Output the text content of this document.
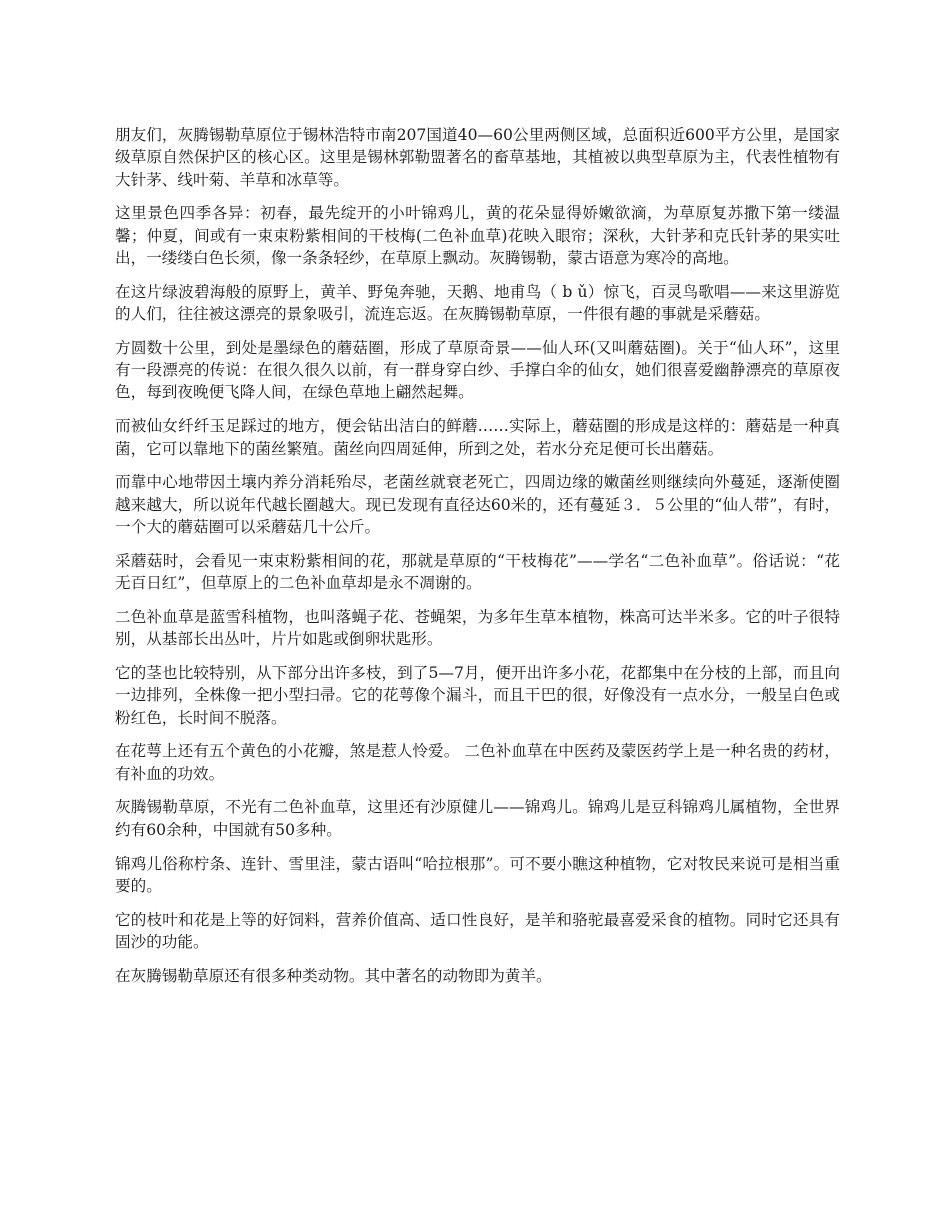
朋友们，灰腾锡勒草原位于锡林浩特市南207国道40—60公里两侧区域，总面积近600平方公里，是国家级草原自然保护区的核心区。这里是锡林郭勒盟著名的畜草基地，其植被以典型草原为主，代表性植物有大针茅、线叶菊、羊草和冰草等。

这里景色四季各异：初春，最先绽开的小叶锦鸡儿，黄的花朵显得娇嫩欲滴，为草原复苏撒下第一缕温馨；仲夏，间或有一束束粉紫相间的干枝梅(二色补血草)花映入眼帘；深秋，大针茅和克氏针茅的果实吐出，一缕缕白色长须，像一条条轻纱，在草原上飘动。灰腾锡勒，蒙古语意为寒冷的高地。

在这片绿波碧海般的原野上，黄羊、野兔奔驰，天鹅、地甫鸟（ b ǔ）惊飞，百灵鸟歌唱——来这里游览的人们，往往被这漂亮的景象吸引，流连忘返。在灰腾锡勒草原，一件很有趣的事就是采蘑菇。

方圆数十公里，到处是墨绿色的蘑菇圈，形成了草原奇景——仙人环(又叫蘑菇圈)。关于“仙人环”，这里有一段漂亮的传说：在很久很久以前，有一群身穿白纱、手撑白伞的仙女，她们很喜爱幽静漂亮的草原夜色，每到夜晚便飞降人间，在绿色草地上翩然起舞。

而被仙女纤纤玉足踩过的地方，便会钻出洁白的鲜蘑……实际上，蘑菇圈的形成是这样的：蘑菇是一种真菌，它可以靠地下的菌丝繁殖。菌丝向四周延伸，所到之处，若水分充足便可长出蘑菇。

而靠中心地带因土壤内养分消耗殆尽，老菌丝就衰老死亡，四周边缘的嫩菌丝则继续向外蔓延，逐渐使圈越来越大，所以说年代越长圈越大。现已发现有直径达60米的，还有蔓延３．５公里的“仙人带”，有时，一个大的蘑菇圈可以采蘑菇几十公斤。

采蘑菇时，会看见一束束粉紫相间的花，那就是草原的“干枝梅花”——学名“二色补血草”。俗话说：“花无百日红”，但草原上的二色补血草却是永不凋谢的。

二色补血草是蓝雪科植物，也叫落蝇子花、苍蝇架，为多年生草本植物，株高可达半米多。它的叶子很特别，从基部长出丛叶，片片如匙或倒卵状匙形。

它的茎也比较特别，从下部分出许多枝，到了5—7月，便开出许多小花，花都集中在分枝的上部，而且向一边排列，全株像一把小型扫帚。它的花萼像个漏斗，而且干巴的很，好像没有一点水分，一般呈白色或粉红色，长时间不脱落。

在花萼上还有五个黄色的小花瓣，煞是惹人怜爱。 二色补血草在中医药及蒙医药学上是一种名贵的药材，有补血的功效。

灰腾锡勒草原，不光有二色补血草，这里还有沙原健儿——锦鸡儿。锦鸡儿是豆科锦鸡儿属植物，全世界约有60余种，中国就有50多种。

锦鸡儿俗称柠条、连针、雪里洼，蒙古语叫“哈拉根那”。可不要小瞧这种植物，它对牧民来说可是相当重要的。

它的枝叶和花是上等的好饲料，营养价值高、适口性良好，是羊和骆驼最喜爱采食的植物。同时它还具有固沙的功能。

在灰腾锡勒草原还有很多种类动物。其中著名的动物即为黄羊。
